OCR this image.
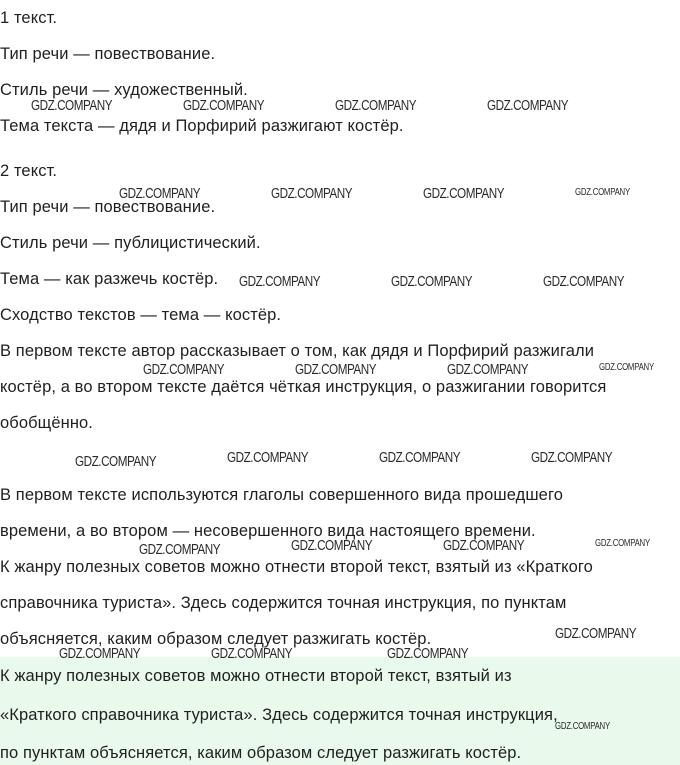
1 текст.
Тип речи — повествование.
Стиль речи — художественный.
Тема текста — дядя и Порфирий разжигают костёр.
2 текст.
Тип речи — повествование.
Стиль речи — публицистический.
Тема — как разжечь костёр.
Сходство текстов — тема — костёр.
В первом тексте автор рассказывает о том, как дядя и Порфирий разжигали
костёр, а во втором тексте даётся чёткая инструкция, о разжигании говорится
обобщённо.
В первом тексте используются глаголы совершенного вида прошедшего
времени, а во втором — несовершенного вида настоящего времени.
К жанру полезных советов можно отнести второй текст, взятый из «Краткого
справочника туриста». Здесь содержится точная инструкция, по пунктам
объясняется, каким образом следует разжигать костёр.
К жанру полезных советов можно отнести второй текст, взятый из
«Краткого справочника туриста». Здесь содержится точная инструкция,
по пунктам объясняется, каким образом следует разжигать костёр.
GDZ.COMPANY	GDZ.COMPANY	GDZ.COMPANY	GDZ.COMPANY
GDZ.COMPANY	GDZ.COMPANY	GDZ.COMPANY	GDZ.COMPANY
GDZ.COMPANY	GDZ.COMPANY	GDZ.COMPANY
GDZ.COMPANY	GDZ.COMPANY	GDZ.COMPANY	GDZ.COMPANY
GDZ.COMPANY	GDZ.COMPANY	GDZ.COMPANY	GDZ.COMPANY
GDZ.COMPANY	GDZ.COMPANY	GDZ.COMPANY	GDZ.COMPANY
GDZ.COMPANY
GDZ.COMPANY	GDZ.COMPANY	GDZ.COMPANY
GDZ.COMPANY
